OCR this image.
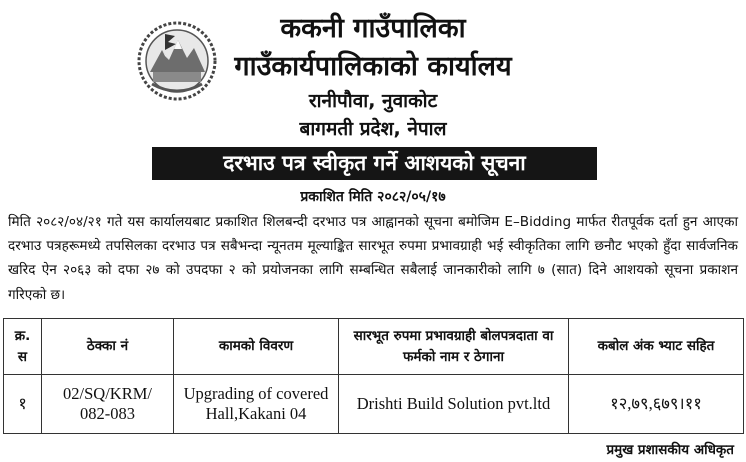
ककनी गाउँपालिका
गाउँकार्यपालिकाको कार्यालय
रानीपौवा, नुवाकोट
बागमती प्रदेश, नेपाल
दरभाउ पत्र स्वीकृत गर्ने आशयको सूचना
प्रकाशित मिति २०८२/०५/१७
मिति २०८२/०४/२१ गते यस कार्यालयबाट प्रकाशित शिलबन्दी दरभाउ पत्र आह्वानको सूचना बमोजिम E–Bidding मार्फत रीतपूर्वक दर्ता हुन आएका दरभाउ पत्रहरूमध्ये तपसिलका दरभाउ पत्र सबैभन्दा न्यूनतम मूल्याङ्कित सारभूत रुपमा प्रभावग्राही भई स्वीकृतिका लागि छनौट भएको हुँदा सार्वजनिक खरिद ऐन २०६३ को दफा २७ को उपदफा २ को प्रयोजनका लागि सम्बन्धित सबैलाई जानकारीको लागि ७ (सात) दिने आशयको सूचना प्रकाशन गरिएको छ।
क्र. स	ठेक्का नं	कामको विवरण	सारभूत रुपमा प्रभावग्राही बोलपत्रदाता वा फर्मको नाम र ठेगाना	कबोल अंक भ्याट सहित
१	02/SQ/KRM/ 082-083	Upgrading of covered Hall,Kakani 04	Drishti Build Solution pvt.ltd	१२,७९,६७९।११
प्रमुख प्रशासकीय अधिकृत
